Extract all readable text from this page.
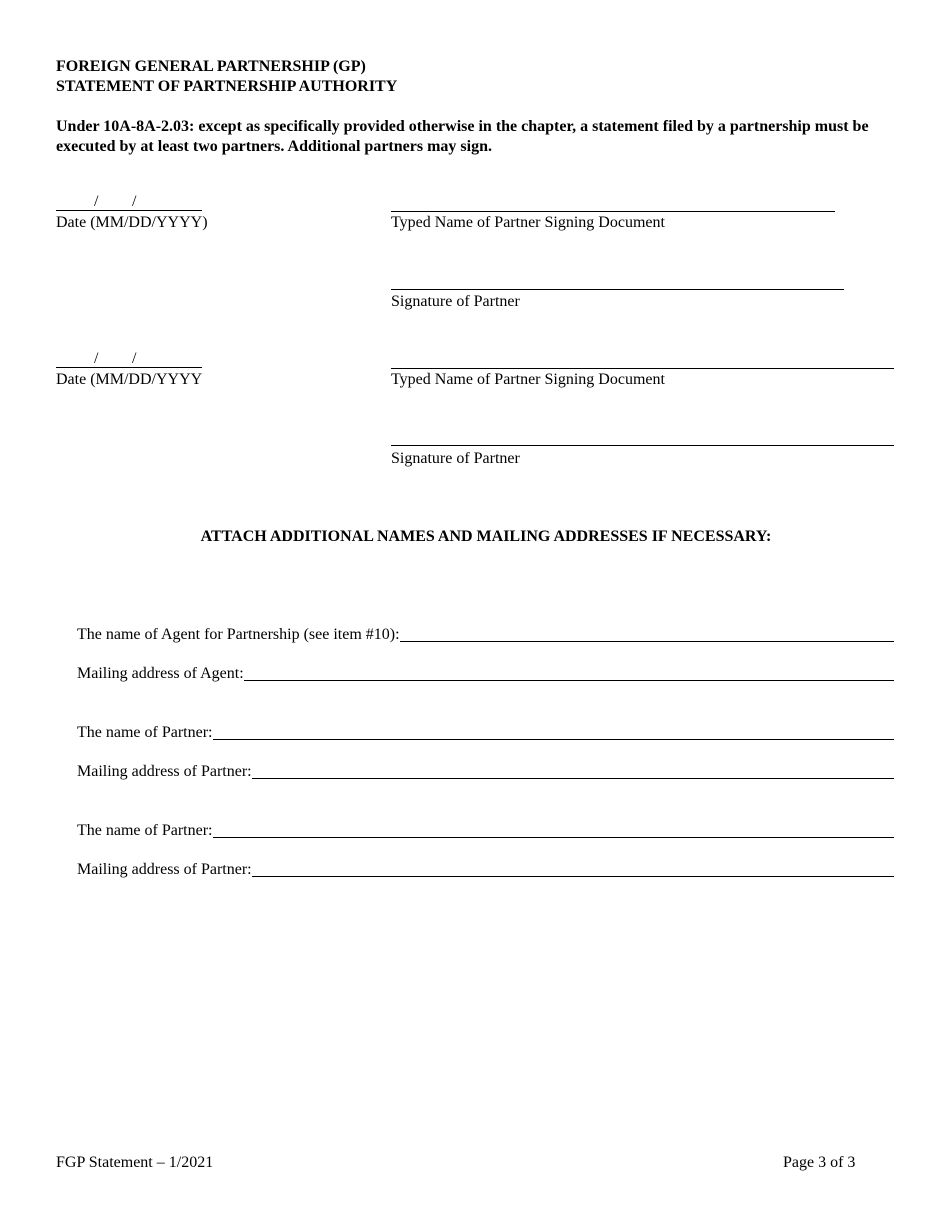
FOREIGN GENERAL PARTNERSHIP (GP)
STATEMENT OF PARTNERSHIP AUTHORITY
Under 10A-8A-2.03: except as specifically provided otherwise in the chapter, a statement filed by a partnership must be executed by at least two partners. Additional partners may sign.
/ /
Date (MM/DD/YYYY)	Typed Name of Partner Signing Document
Signature of Partner
/ /
Date (MM/DD/YYYY	Typed Name of Partner Signing Document
Signature of Partner
ATTACH ADDITIONAL NAMES AND MAILING ADDRESSES IF NECESSARY:
The name of Agent for Partnership (see item #10):
Mailing address of Agent:
The name of Partner:
Mailing address of Partner:
The name of Partner:
Mailing address of Partner:
FGP Statement – 1/2021	Page 3 of 3
